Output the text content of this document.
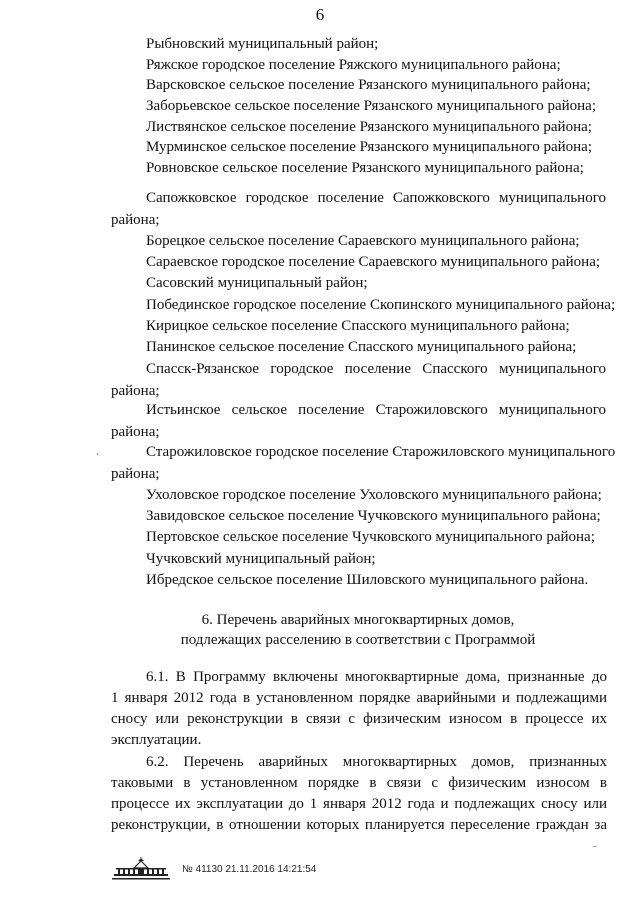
6
Рыбновский муниципальный район;
Ряжское городское поселение Ряжского муниципального района;
Варсковское сельское поселение Рязанского муниципального района;
Заборьевское сельское поселение Рязанского муниципального района;
Листвянское сельское поселение Рязанского муниципального района;
Мурминское сельское поселение Рязанского муниципального района;
Ровновское сельское поселение Рязанского муниципального района;
Сапожковское городское поселение Сапожковского муниципального
района;
Борецкое сельское поселение Сараевского муниципального района;
Сараевское городское поселение Сараевского муниципального района;
Сасовский муниципальный район;
Побединское городское поселение Скопинского муниципального района;
Кирицкое сельское поселение Спасского муниципального района;
Панинское сельское поселение Спасского муниципального района;
Спасск-Рязанское городское поселение Спасского муниципального
района;
Истьинское сельское поселение Старожиловского муниципального
района;
Старожиловское городское поселение Старожиловского муниципального
района;
Ухоловское городское поселение Ухоловского муниципального района;
Завидовское сельское поселение Чучковского муниципального района;
Пертовское сельское поселение Чучковского муниципального района;
Чучковский муниципальный район;
Ибредское сельское поселение Шиловского муниципального района.
6. Перечень аварийных многоквартирных домов,
подлежащих расселению в соответствии с Программой
6.1. В Программу включены многоквартирные дома, признанные до
1 января 2012 года в установленном порядке аварийными и подлежащими
сносу или реконструкции в связи с физическим износом в процессе их
эксплуатации.
6.2. Перечень аварийных многоквартирных домов, признанных
таковыми в установленном порядке в связи с физическим износом в
процессе их эксплуатации до 1 января 2012 года и подлежащих сносу или
реконструкции, в отношении которых планируется переселение граждан за
˙
⁻
№ 41130 21.11.2016 14:21:54
